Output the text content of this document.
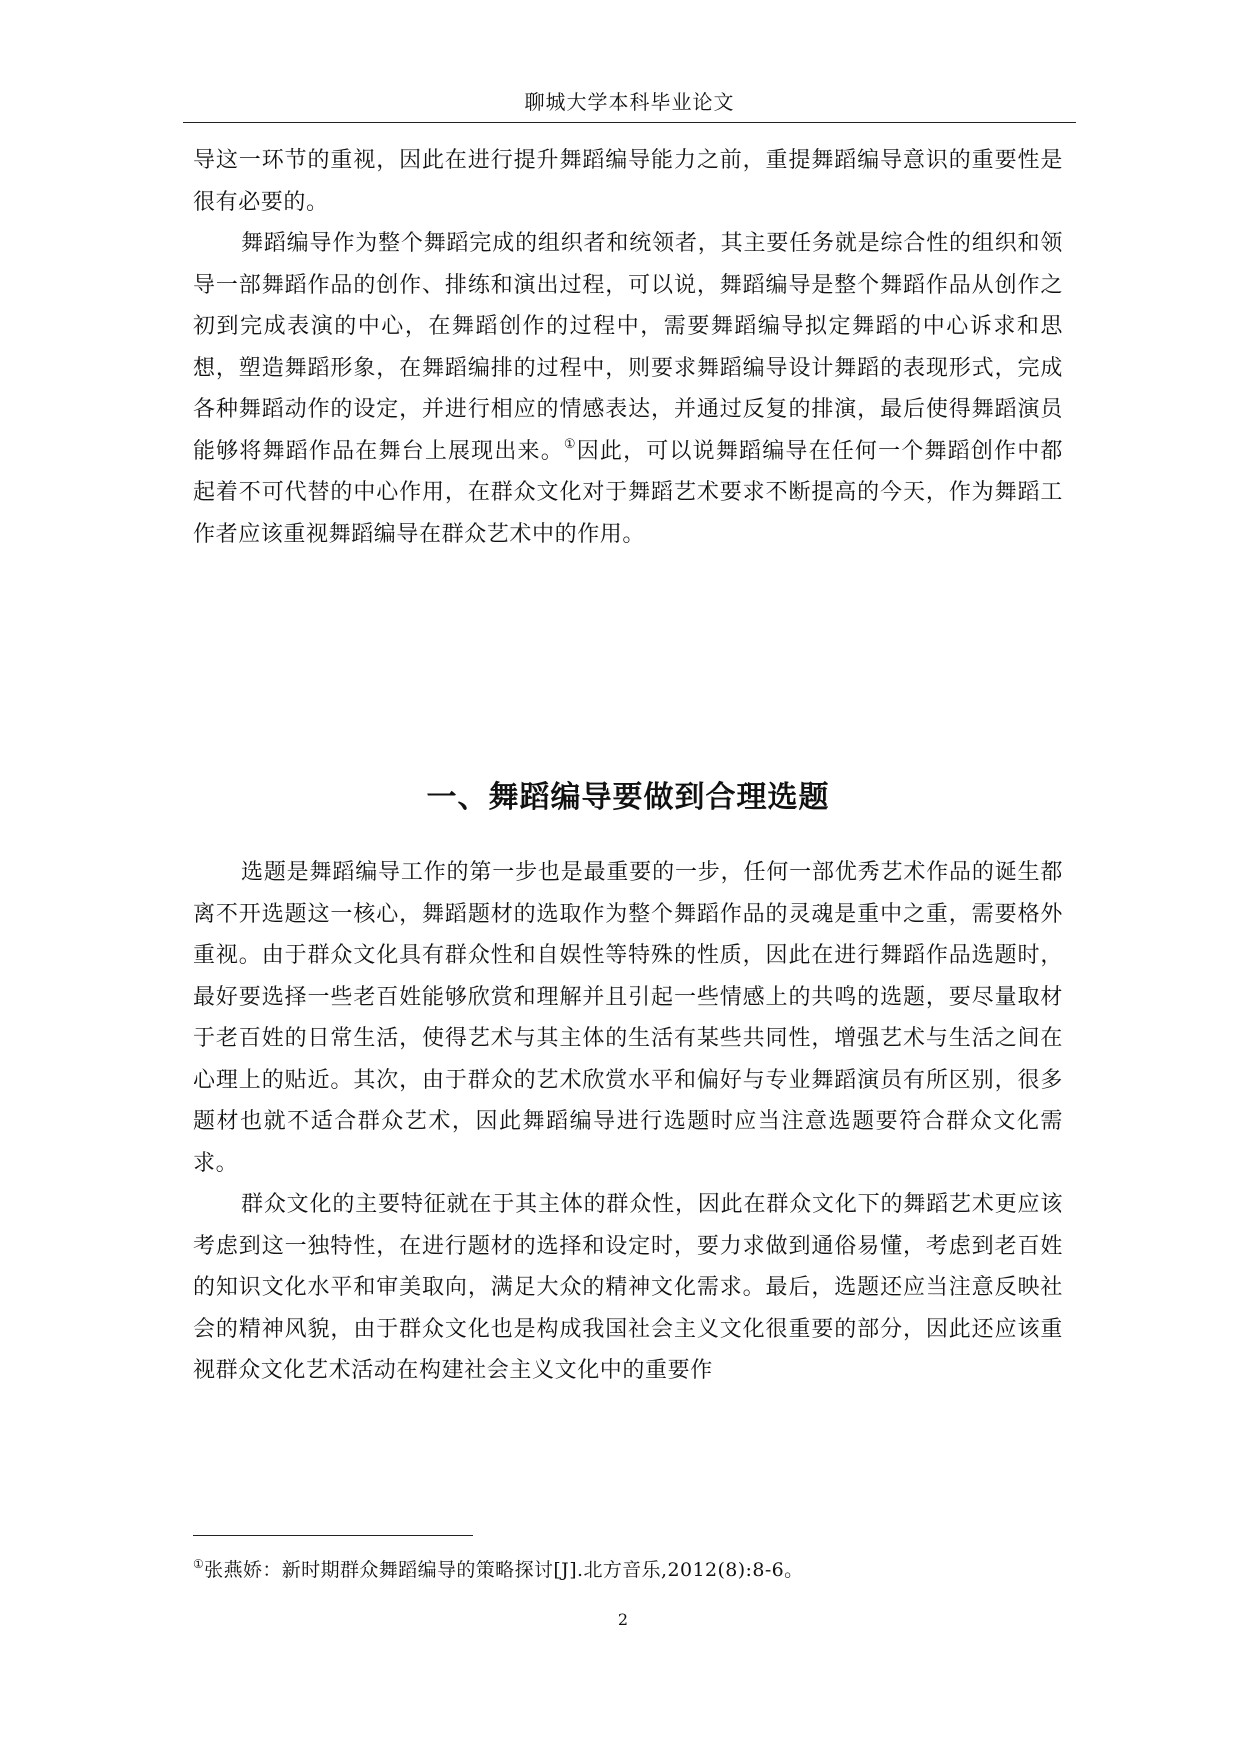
聊城大学本科毕业论文

导这一环节的重视，因此在进行提升舞蹈编导能力之前，重提舞蹈编导意识的重要性是很有必要的。

舞蹈编导作为整个舞蹈完成的组织者和统领者，其主要任务就是综合性的组织和领导一部舞蹈作品的创作、排练和演出过程，可以说，舞蹈编导是整个舞蹈作品从创作之初到完成表演的中心，在舞蹈创作的过程中，需要舞蹈编导拟定舞蹈的中心诉求和思想，塑造舞蹈形象，在舞蹈编排的过程中，则要求舞蹈编导设计舞蹈的表现形式，完成各种舞蹈动作的设定，并进行相应的情感表达，并通过反复的排演，最后使得舞蹈演员能够将舞蹈作品在舞台上展现出来。①因此，可以说舞蹈编导在任何一个舞蹈创作中都起着不可代替的中心作用，在群众文化对于舞蹈艺术要求不断提高的今天，作为舞蹈工作者应该重视舞蹈编导在群众艺术中的作用。

一、舞蹈编导要做到合理选题

选题是舞蹈编导工作的第一步也是最重要的一步，任何一部优秀艺术作品的诞生都离不开选题这一核心，舞蹈题材的选取作为整个舞蹈作品的灵魂是重中之重，需要格外重视。由于群众文化具有群众性和自娱性等特殊的性质，因此在进行舞蹈作品选题时，最好要选择一些老百姓能够欣赏和理解并且引起一些情感上的共鸣的选题，要尽量取材于老百姓的日常生活，使得艺术与其主体的生活有某些共同性，增强艺术与生活之间在心理上的贴近。其次，由于群众的艺术欣赏水平和偏好与专业舞蹈演员有所区别，很多题材也就不适合群众艺术，因此舞蹈编导进行选题时应当注意选题要符合群众文化需求。

群众文化的主要特征就在于其主体的群众性，因此在群众文化下的舞蹈艺术更应该考虑到这一独特性，在进行题材的选择和设定时，要力求做到通俗易懂，考虑到老百姓的知识文化水平和审美取向，满足大众的精神文化需求。最后，选题还应当注意反映社会的精神风貌，由于群众文化也是构成我国社会主义文化很重要的部分，因此还应该重视群众文化艺术活动在构建社会主义文化中的重要作

①张燕娇：新时期群众舞蹈编导的策略探讨[J].北方音乐,2012(8):8-6。
2
